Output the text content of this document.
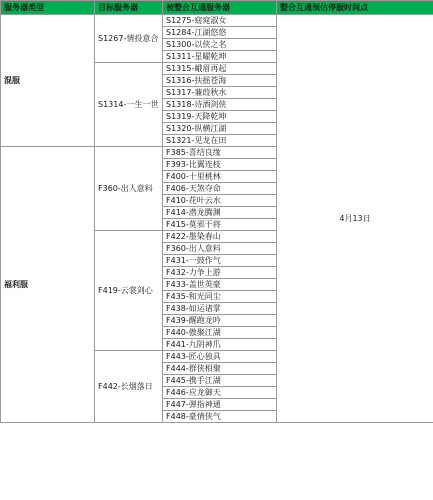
服务器类型	目标服务器	被整合互通服务器	整合互通预估停服时间点
混服	S1267-情投意合	S1275-窈窕淑女	4月13日
		S1284-江湖悠悠	
		S1300-以侠之名	
		S1311-星曜乾坤	
	S1314-一生一世	S1315-峨眉再起	
		S1316-扶摇苍海	
		S1317-蒹葭秋水	
		S1318-诗酒剑侠	
		S1319-天降乾坤	
		S1320-纵横江湖	
		S1321-见龙在田	
福利服	F360-出人意料	F385-喜结良缘	
		F393-比翼连枝	
		F400-十里桃林	
		F406-天煞夺命	
		F410-花叶云水	
		F414-潜龙腾渊	
		F415-莫邪干将	
	F419-云裳剑心	F422-墨染春山	
		F360-出人意料	
		F431-一鼓作气	
		F432-力争上游	
		F433-盖世英豪	
		F435-和光同尘	
		F438-如运诸掌	
		F439-醒跑龙吟	
		F440-傲聚江湖	
		F441-九阴神爪	
	F442-长烟落日	F443-匠心独具	
		F444-群侠相聚	
		F445-携手江湖	
		F446-应龙御天	
		F447-弹指神通	
		F448-豪情侠气	
